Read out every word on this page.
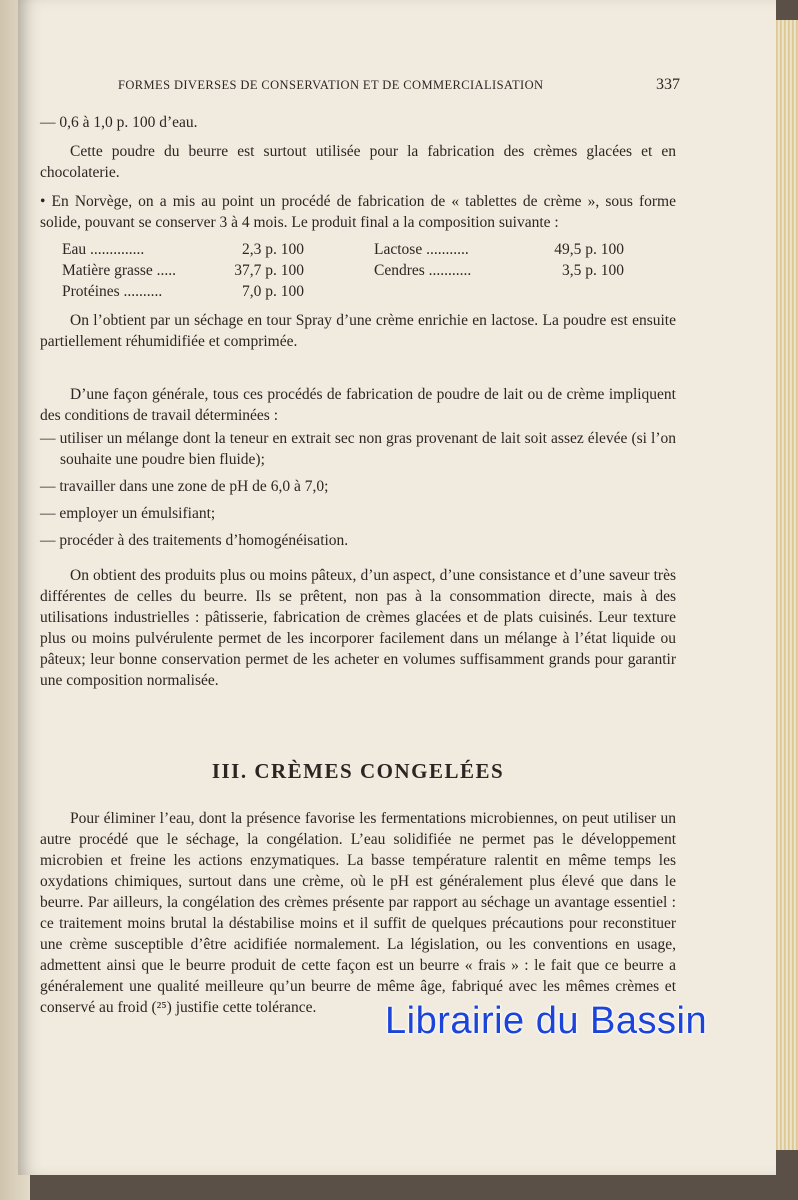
FORMES DIVERSES DE CONSERVATION ET DE COMMERCIALISATION	337

— 0,6 à 1,0 p. 100 d’eau.

Cette poudre du beurre est surtout utilisée pour la fabrication des crèmes glacées et en chocolaterie.

• En Norvège, on a mis au point un procédé de fabrication de « tablettes de crème », sous forme solide, pouvant se conserver 3 à 4 mois. Le produit final a la composition suivante :

Eau ..............	2,3 p. 100		Lactose ...........	49,5 p. 100
Matière grasse .....	37,7 p. 100		Cendres ...........	3,5 p. 100
Protéines ..........	7,0 p. 100			

On l’obtient par un séchage en tour Spray d’une crème enrichie en lactose. La poudre est ensuite partiellement réhumidifiée et comprimée.

D’une façon générale, tous ces procédés de fabrication de poudre de lait ou de crème impliquent des conditions de travail déterminées :

— utiliser un mélange dont la teneur en extrait sec non gras provenant de lait soit assez élevée (si l’on souhaite une poudre bien fluide);

— travailler dans une zone de pH de 6,0 à 7,0;

— employer un émulsifiant;

— procéder à des traitements d’homogénéisation.

On obtient des produits plus ou moins pâteux, d’un aspect, d’une consistance et d’une saveur très différentes de celles du beurre. Ils se prêtent, non pas à la consommation directe, mais à des utilisations industrielles : pâtisserie, fabrication de crèmes glacées et de plats cuisinés. Leur texture plus ou moins pulvérulente permet de les incorporer facilement dans un mélange à l’état liquide ou pâteux; leur bonne conservation permet de les acheter en volumes suffisamment grands pour garantir une composition normalisée.

III. CRÈMES CONGELÉES

Pour éliminer l’eau, dont la présence favorise les fermentations microbiennes, on peut utiliser un autre procédé que le séchage, la congélation. L’eau solidifiée ne permet pas le développement microbien et freine les actions enzymatiques. La basse température ralentit en même temps les oxydations chimiques, surtout dans une crème, où le pH est généralement plus élevé que dans le beurre. Par ailleurs, la congélation des crèmes présente par rapport au séchage un avantage essentiel : ce traitement moins brutal la déstabilise moins et il suffit de quelques précautions pour reconstituer une crème susceptible d’être acidifiée normalement. La législation, ou les conventions en usage, admettent ainsi que le beurre produit de cette façon est un beurre « frais » : le fait que ce beurre a généralement une qualité meilleure qu’un beurre de même âge, fabriqué avec les mêmes crèmes et conservé au froid (²⁵) justifie cette tolérance.	Librairie du Bassin
